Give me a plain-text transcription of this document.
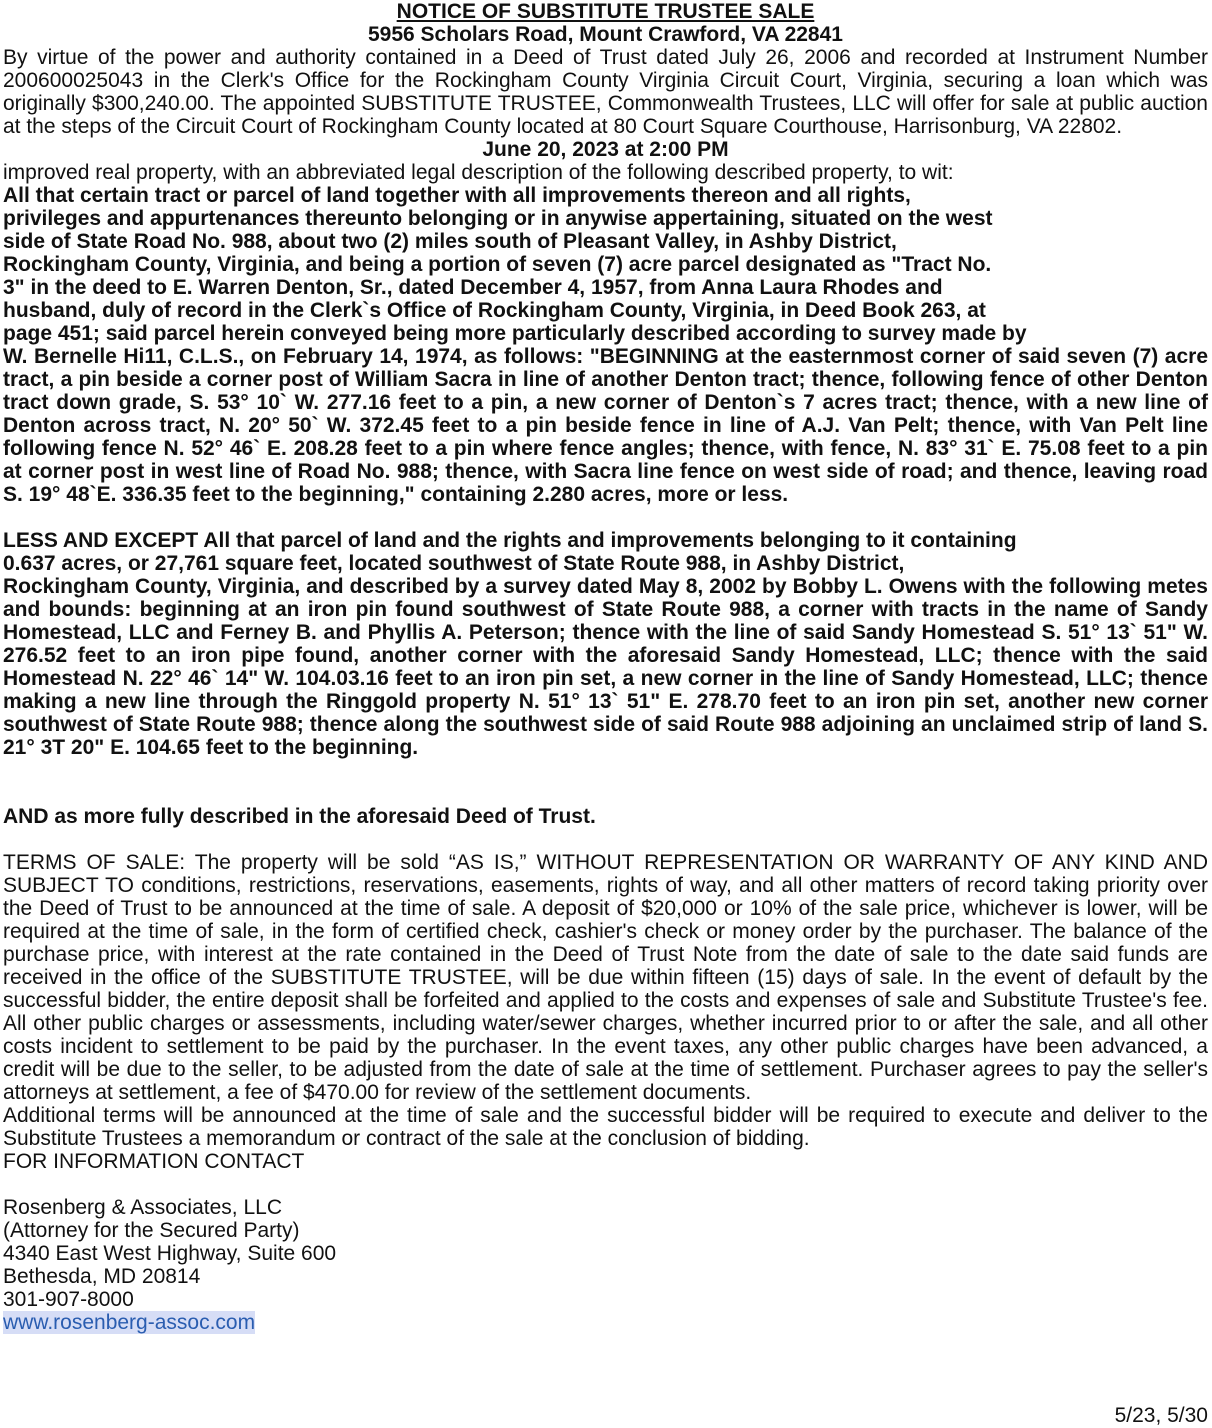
NOTICE OF SUBSTITUTE TRUSTEE SALE

5956 Scholars Road, Mount Crawford, VA 22841

By virtue of the power and authority contained in a Deed of Trust dated July 26, 2006 and recorded at Instrument Number 200600025043 in the Clerk's Office for the Rockingham County Virginia Circuit Court, Virginia, securing a loan which was originally $300,240.00. The appointed SUBSTITUTE TRUSTEE, Commonwealth Trustees, LLC will offer for sale at public auction at the steps of the Circuit Court of Rockingham County located at 80 Court Square Courthouse, Harrisonburg, VA 22802.

June 20, 2023 at 2:00 PM

improved real property, with an abbreviated legal description of the following described property, to wit:

All that certain tract or parcel of land together with all improvements thereon and all rights,

privileges and appurtenances thereunto belonging or in anywise appertaining, situated on the west

side of State Road No. 988, about two (2) miles south of Pleasant Valley, in Ashby District,

Rockingham County, Virginia, and being a portion of seven (7) acre parcel designated as "Tract No.

3" in the deed to E. Warren Denton, Sr., dated December 4, 1957, from Anna Laura Rhodes and

husband, duly of record in the Clerk`s Office of Rockingham County, Virginia, in Deed Book 263, at

page 451; said parcel herein conveyed being more particularly described according to survey made by

W. Bernelle Hi11, C.L.S., on February 14, 1974, as follows: "BEGINNING at the easternmost corner of said seven (7) acre tract, a pin beside a corner post of William Sacra in line of another Denton tract; thence, following fence of other Denton tract down grade, S. 53° 10` W. 277.16 feet to a pin, a new corner of Denton`s 7 acres tract; thence, with a new line of Denton across tract, N. 20° 50` W. 372.45 feet to a pin beside fence in line of A.J. Van Pelt; thence, with Van Pelt line following fence N. 52° 46` E. 208.28 feet to a pin where fence angles; thence, with fence, N. 83° 31` E. 75.08 feet to a pin at corner post in west line of Road No. 988; thence, with Sacra line fence on west side of road; and thence, leaving road S. 19° 48`E. 336.35 feet to the beginning," containing 2.280 acres, more or less.

LESS AND EXCEPT All that parcel of land and the rights and improvements belonging to it containing

0.637 acres, or 27,761 square feet, located southwest of State Route 988, in Ashby District,

Rockingham County, Virginia, and described by a survey dated May 8, 2002 by Bobby L. Owens with the following metes and bounds: beginning at an iron pin found southwest of State Route 988, a corner with tracts in the name of Sandy Homestead, LLC and Ferney B. and Phyllis A. Peterson; thence with the line of said Sandy Homestead S. 51° 13` 51" W. 276.52 feet to an iron pipe found, another corner with the aforesaid Sandy Homestead, LLC; thence with the said Homestead N. 22° 46` 14" W. 104.03.16 feet to an iron pin set, a new corner in the line of Sandy Homestead, LLC; thence making a new line through the Ringgold property N. 51° 13` 51" E. 278.70 feet to an iron pin set, another new corner southwest of State Route 988; thence along the southwest side of said Route 988 adjoining an unclaimed strip of land S. 21° 3T 20" E. 104.65 feet to the beginning.

AND as more fully described in the aforesaid Deed of Trust.

TERMS OF SALE: The property will be sold “AS IS,” WITHOUT REPRESENTATION OR WARRANTY OF ANY KIND AND SUBJECT TO conditions, restrictions, reservations, easements, rights of way, and all other matters of record taking priority over the Deed of Trust to be announced at the time of sale. A deposit of $20,000 or 10% of the sale price, whichever is lower, will be required at the time of sale, in the form of certified check, cashier's check or money order by the purchaser. The balance of the purchase price, with interest at the rate contained in the Deed of Trust Note from the date of sale to the date said funds are received in the office of the SUBSTITUTE TRUSTEE, will be due within fifteen (15) days of sale. In the event of default by the successful bidder, the entire deposit shall be forfeited and applied to the costs and expenses of sale and Substitute Trustee's fee. All other public charges or assessments, including water/sewer charges, whether incurred prior to or after the sale, and all other costs incident to settlement to be paid by the purchaser. In the event taxes, any other public charges have been advanced, a credit will be due to the seller, to be adjusted from the date of sale at the time of settlement. Purchaser agrees to pay the seller's attorneys at settlement, a fee of $470.00 for review of the settlement documents.

Additional terms will be announced at the time of sale and the successful bidder will be required to execute and deliver to the Substitute Trustees a memorandum or contract of the sale at the conclusion of bidding.

FOR INFORMATION CONTACT

Rosenberg & Associates, LLC

(Attorney for the Secured Party)

4340 East West Highway, Suite 600

Bethesda, MD 20814

301-907-8000

www.rosenberg-assoc.com

5/23, 5/30
